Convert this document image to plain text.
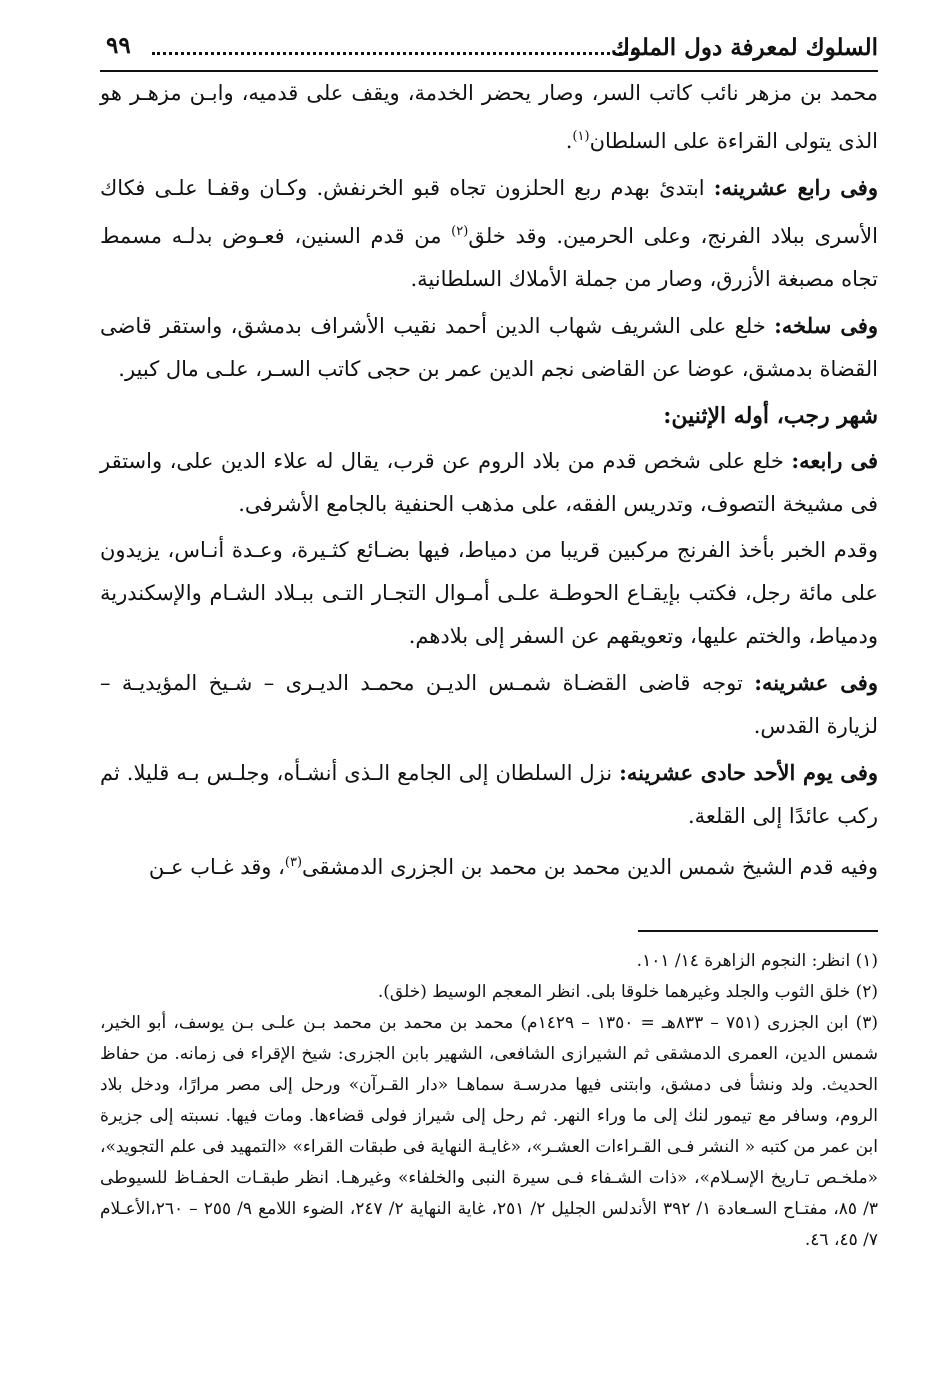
السلوك لمعرفة دول الملوك
٩٩

محمد بن مزهر نائب كاتب السر، وصار يحضر الخدمة، ويقف على قدميه، وابـن مزهـر هو الذى يتولى القراءة على السلطان$^{(١)}$.

وفى رابع عشرينه: ابتدئ بهدم ربع الحلزون تجاه قبو الخرنفش. وكـان وقفـا علـى فكاك الأسرى ببلاد الفرنج، وعلى الحرمين. وقد خلق$^{(٢)}$ من قدم السنين، فعـوض بدلـه مسمط تجاه مصبغة الأزرق، وصار من جملة الأملاك السلطانية.

وفى سلخه: خلع على الشريف شهاب الدين أحمد نقيب الأشراف بدمشق، واستقر قاضى القضاة بدمشق، عوضا عن القاضى نجم الدين عمر بن حجى كاتب السـر، علـى مال كبير.

شهر رجب، أوله الإثنين:

فى رابعه: خلع على شخص قدم من بلاد الروم عن قرب، يقال له علاء الدين على، واستقر فى مشيخة التصوف، وتدريس الفقه، على مذهب الحنفية بالجامع الأشرفى.

وقدم الخبر بأخذ الفرنج مركبين قريبا من دمياط، فيها بضـائع كثـيرة، وعـدة أنـاس، يزيدون على مائة رجل، فكتب بإيقـاع الحوطـة علـى أمـوال التجـار التـى ببـلاد الشـام والإسكندرية ودمياط، والختم عليها، وتعويقهم عن السفر إلى بلادهم.

وفى عشرينه: توجه قاضى القضـاة شمـس الديـن محمـد الديـرى – شـيخ المؤيديـة – لزيارة القدس.

وفى يوم الأحد حادى عشرينه: نزل السلطان إلى الجامع الـذى أنشـأه، وجلـس بـه قليلا. ثم ركب عائدًا إلى القلعة.

وفيه قدم الشيخ شمس الدين محمد بن محمد بن الجزرى الدمشقى$^{(٣)}$، وقد غـاب عـن

(١) انظر: النجوم الزاهرة ١٤/ ١٠١.

(٢) خلق الثوب والجلد وغيرهما خلوقا بلى. انظر المعجم الوسيط (خلق).

(٣) ابن الجزرى (٧٥١ – ٨٣٣هـ = ١٣٥٠ – ١٤٢٩م) محمد بن محمد بن محمد بـن علـى بـن يوسف، أبو الخير، شمس الدين، العمرى الدمشقى ثم الشيرازى الشافعى، الشهير بابن الجزرى: شيخ الإقراء فى زمانه. من حفاظ الحديث. ولد ونشأ فى دمشق، وابتنى فيها مدرسـة سماهـا «دار القـرآن» ورحل إلى مصر مرارًا، ودخل بلاد الروم، وسافر مع تيمور لنك إلى ما وراء النهر. ثم رحل إلى شيراز فولى قضاءها. ومات فيها. نسبته إلى جزيرة ابن عمر من كتبه « النشر فـى القـراءات العشـر»، «غايـة النهاية فى طبقات القراء» «التمهيد فى علم التجويد»، «ملخـص تـاريخ الإسـلام»، «ذات الشـفاء فـى سيرة النبى والخلفاء» وغيرهـا. انظر طبقـات الحفـاظ للسيوطى ٣/ ٨٥، مفتـاح السـعادة ١/ ٣٩٢ الأندلس الجليل ٢/ ٢٥١، غاية النهاية ٢/ ٢٤٧، الضوء اللامع ٩/ ٢٥٥ – ٢٦٠،الأعـلام ٧/ ٤٥، ٤٦.
